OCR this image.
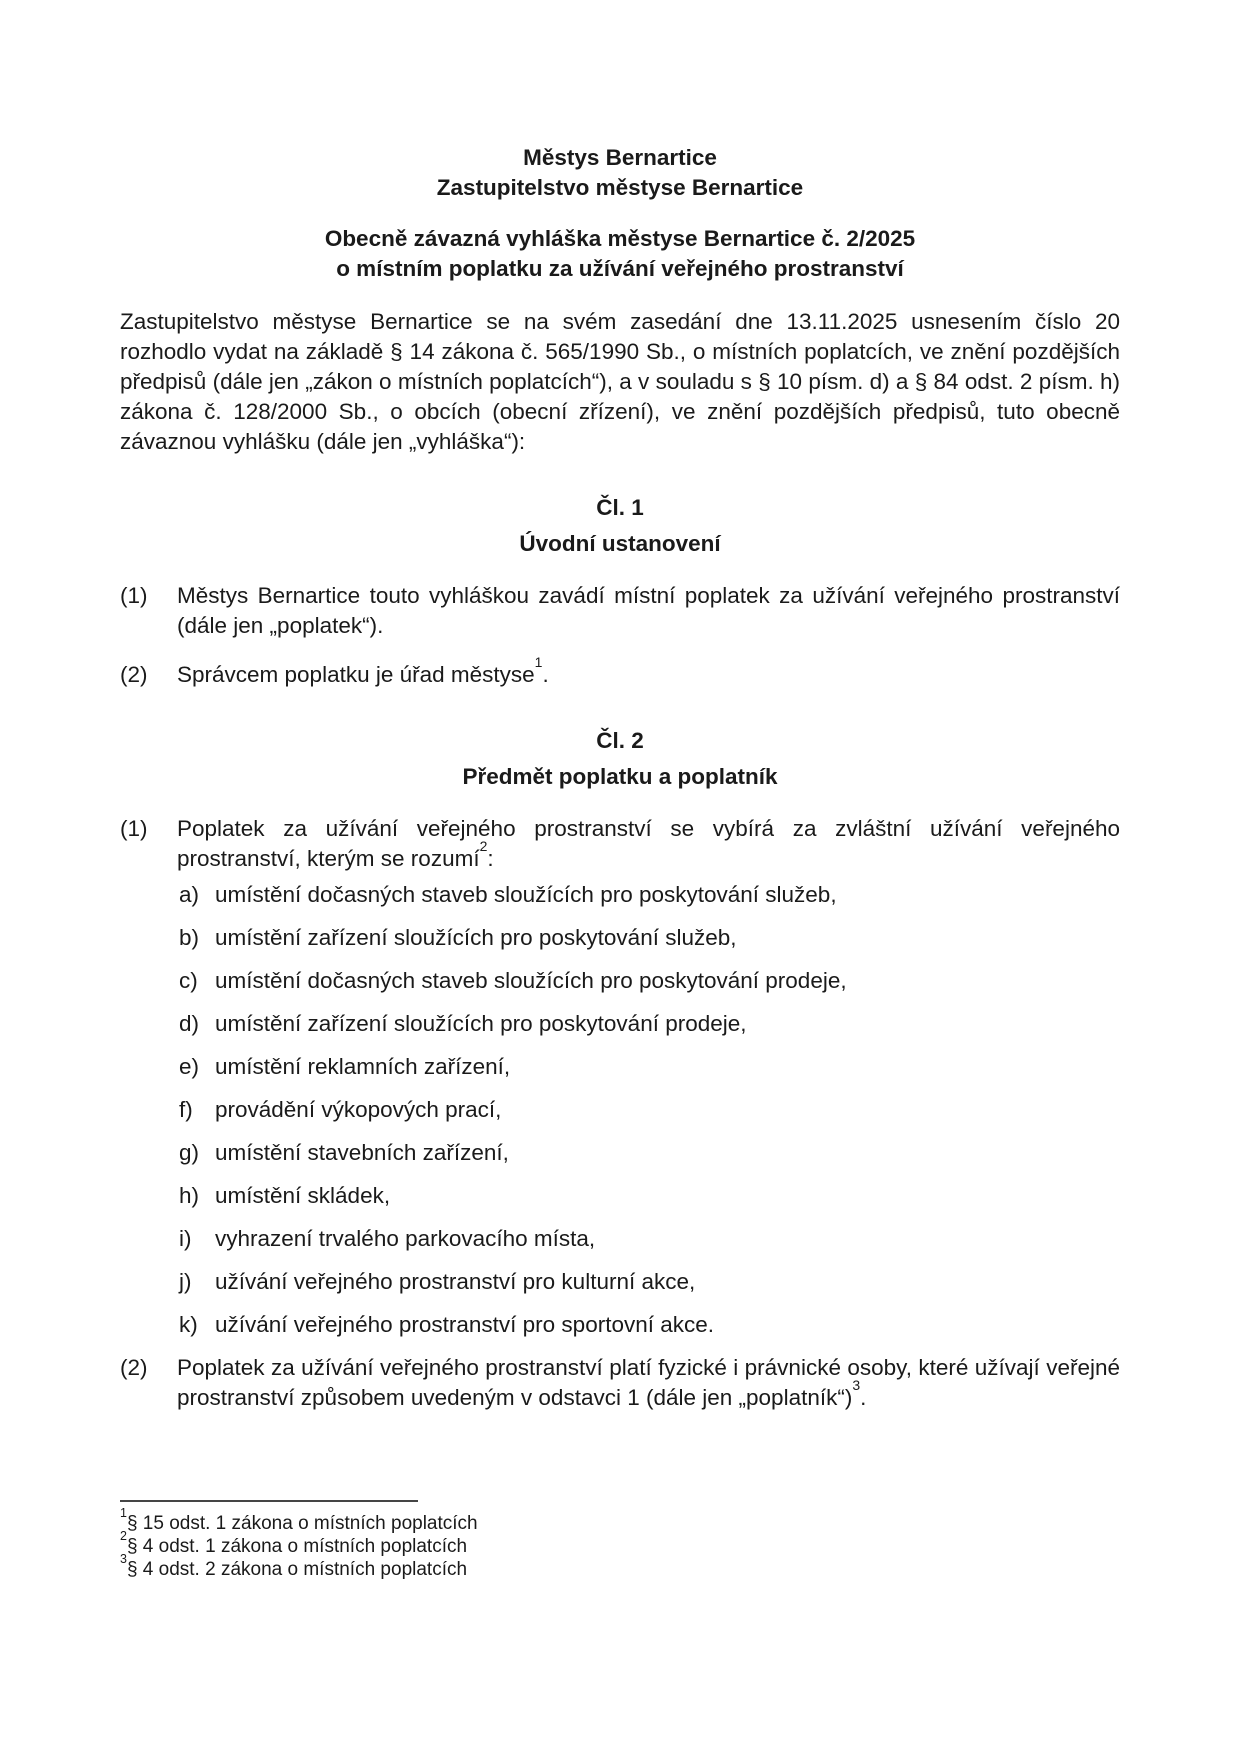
Městys Bernartice
Zastupitelstvo městyse Bernartice
Obecně závazná vyhláška městyse Bernartice č. 2/2025
o místním poplatku za užívání veřejného prostranství
Zastupitelstvo městyse Bernartice se na svém zasedání dne 13.11.2025 usnesením číslo 20
rozhodlo vydat na základě § 14 zákona č. 565/1990 Sb., o místních poplatcích, ve znění pozdějších
předpisů (dále jen „zákon o místních poplatcích“), a v souladu s § 10 písm. d) a § 84 odst. 2 písm. h)
zákona č. 128/2000 Sb., o obcích (obecní zřízení), ve znění pozdějších předpisů, tuto obecně
závaznou vyhlášku (dále jen „vyhláška“):
Čl. 1
Úvodní ustanovení
(1) Městys Bernartice touto vyhláškou zavádí místní poplatek za užívání veřejného prostranství
(dále jen „poplatek“).
(2) Správcem poplatku je úřad městyse$^1$.
Čl. 2
Předmět poplatku a poplatník
(1) Poplatek za užívání veřejného prostranství se vybírá za zvláštní užívání veřejného
prostranství, kterým se rozumí$^2$:
a) umístění dočasných staveb sloužících pro poskytování služeb,
b) umístění zařízení sloužících pro poskytování služeb,
c) umístění dočasných staveb sloužících pro poskytování prodeje,
d) umístění zařízení sloužících pro poskytování prodeje,
e) umístění reklamních zařízení,
f) provádění výkopových prací,
g) umístění stavebních zařízení,
h) umístění skládek,
i) vyhrazení trvalého parkovacího místa,
j) užívání veřejného prostranství pro kulturní akce,
k) užívání veřejného prostranství pro sportovní akce.
(2) Poplatek za užívání veřejného prostranství platí fyzické i právnické osoby, které užívají veřejné
prostranství způsobem uvedeným v odstavci 1 (dále jen „poplatník“)$^3$.
$^1$§ 15 odst. 1 zákona o místních poplatcích
$^2$§ 4 odst. 1 zákona o místních poplatcích
$^3$§ 4 odst. 2 zákona o místních poplatcích
